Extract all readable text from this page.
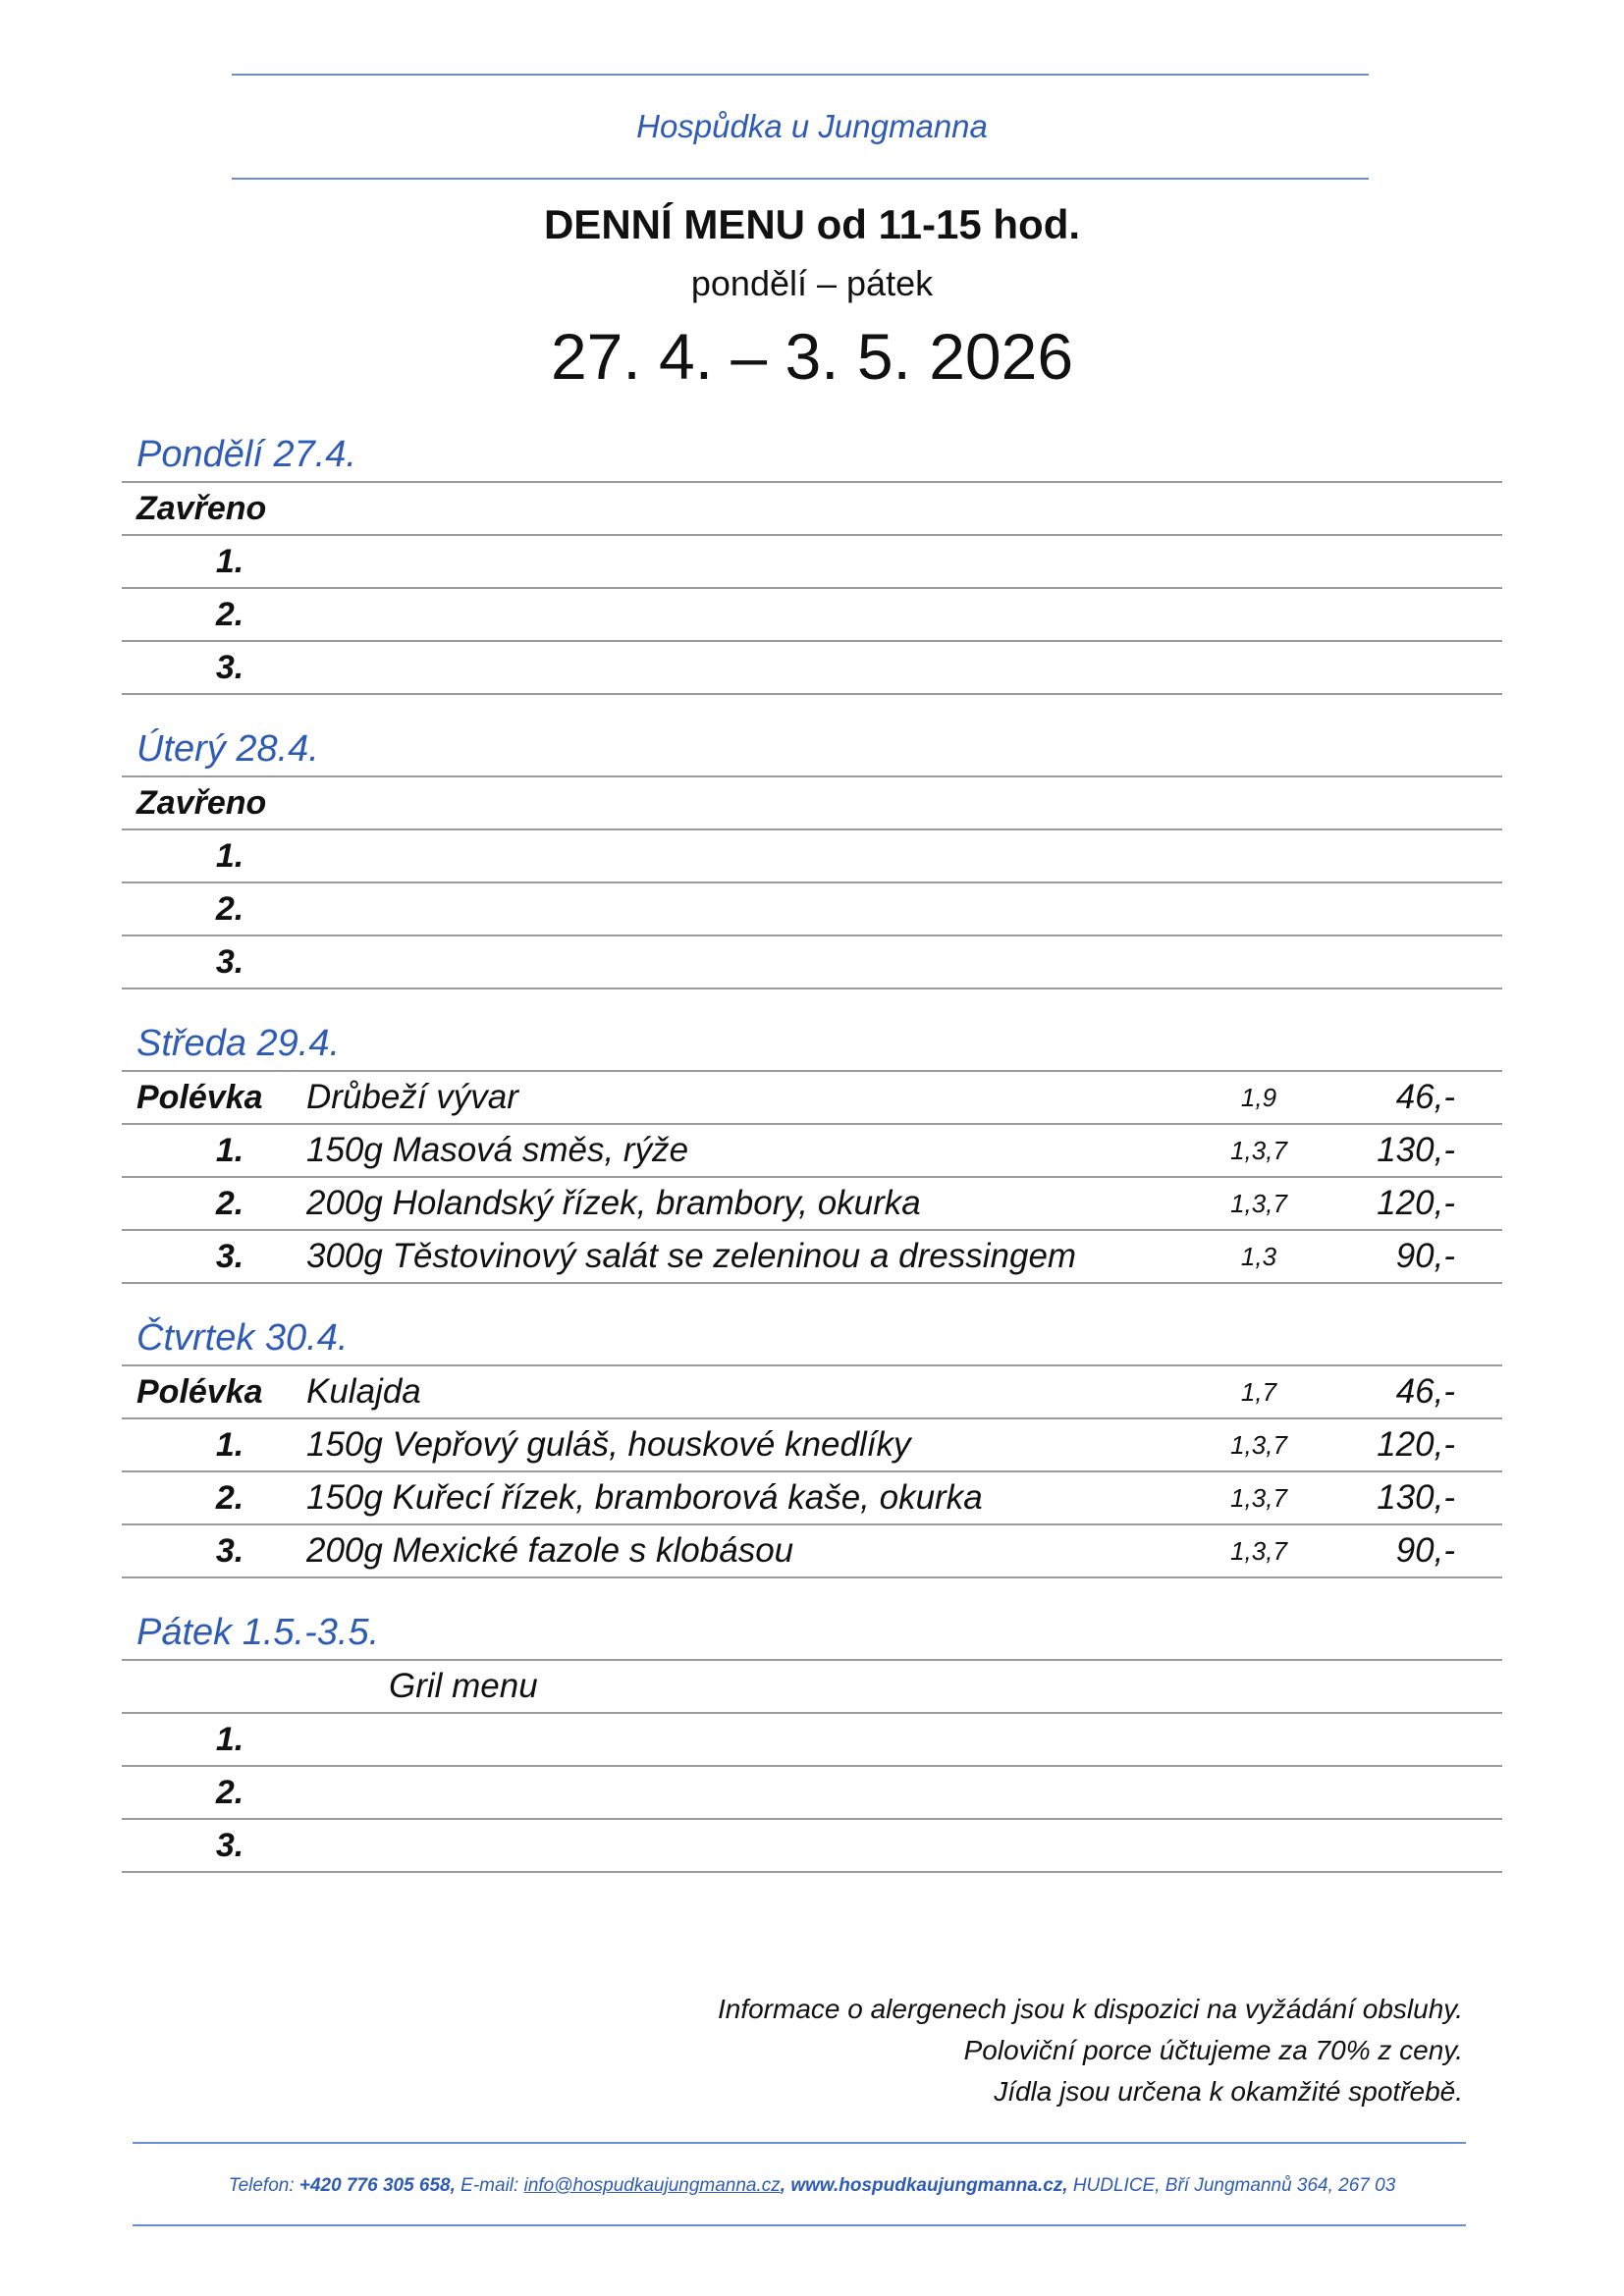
Hospůdka u Jungmanna
DENNÍ MENU od 11-15 hod.
pondělí – pátek
27. 4. – 3. 5. 2026
Pondělí 27.4.
Zavřeno
1.
2.
3.
Úterý 28.4.
Zavřeno
1.
2.
3.
Středa 29.4.
Polévka Drůbeží vývar	1,9	46,-
1.	150g Masová směs, rýže	1,3,7	130,-
2.	200g Holandský řízek, brambory, okurka	1,3,7	120,-
3.	300g Těstovinový salát se zeleninou a dressingem	1,3	90,-
Čtvrtek 30.4.
Polévka Kulajda	1,7	46,-
1.	150g Vepřový guláš, houskové knedlíky	1,3,7	120,-
2.	150g Kuřecí řízek, bramborová kaše, okurka	1,3,7	130,-
3.	200g Mexické fazole s klobásou	1,3,7	90,-
Pátek 1.5.-3.5.
Gril menu
1.
2.
3.
Informace o alergenech jsou k dispozici na vyžádání obsluhy.
Poloviční porce účtujeme za 70% z ceny.
Jídla jsou určena k okamžité spotřebě.
Telefon: +420 776 305 658, E-mail: info@hospudkaujungmanna.cz, www.hospudkaujungmanna.cz, HUDLICE, Bří Jungmannů 364, 267 03
